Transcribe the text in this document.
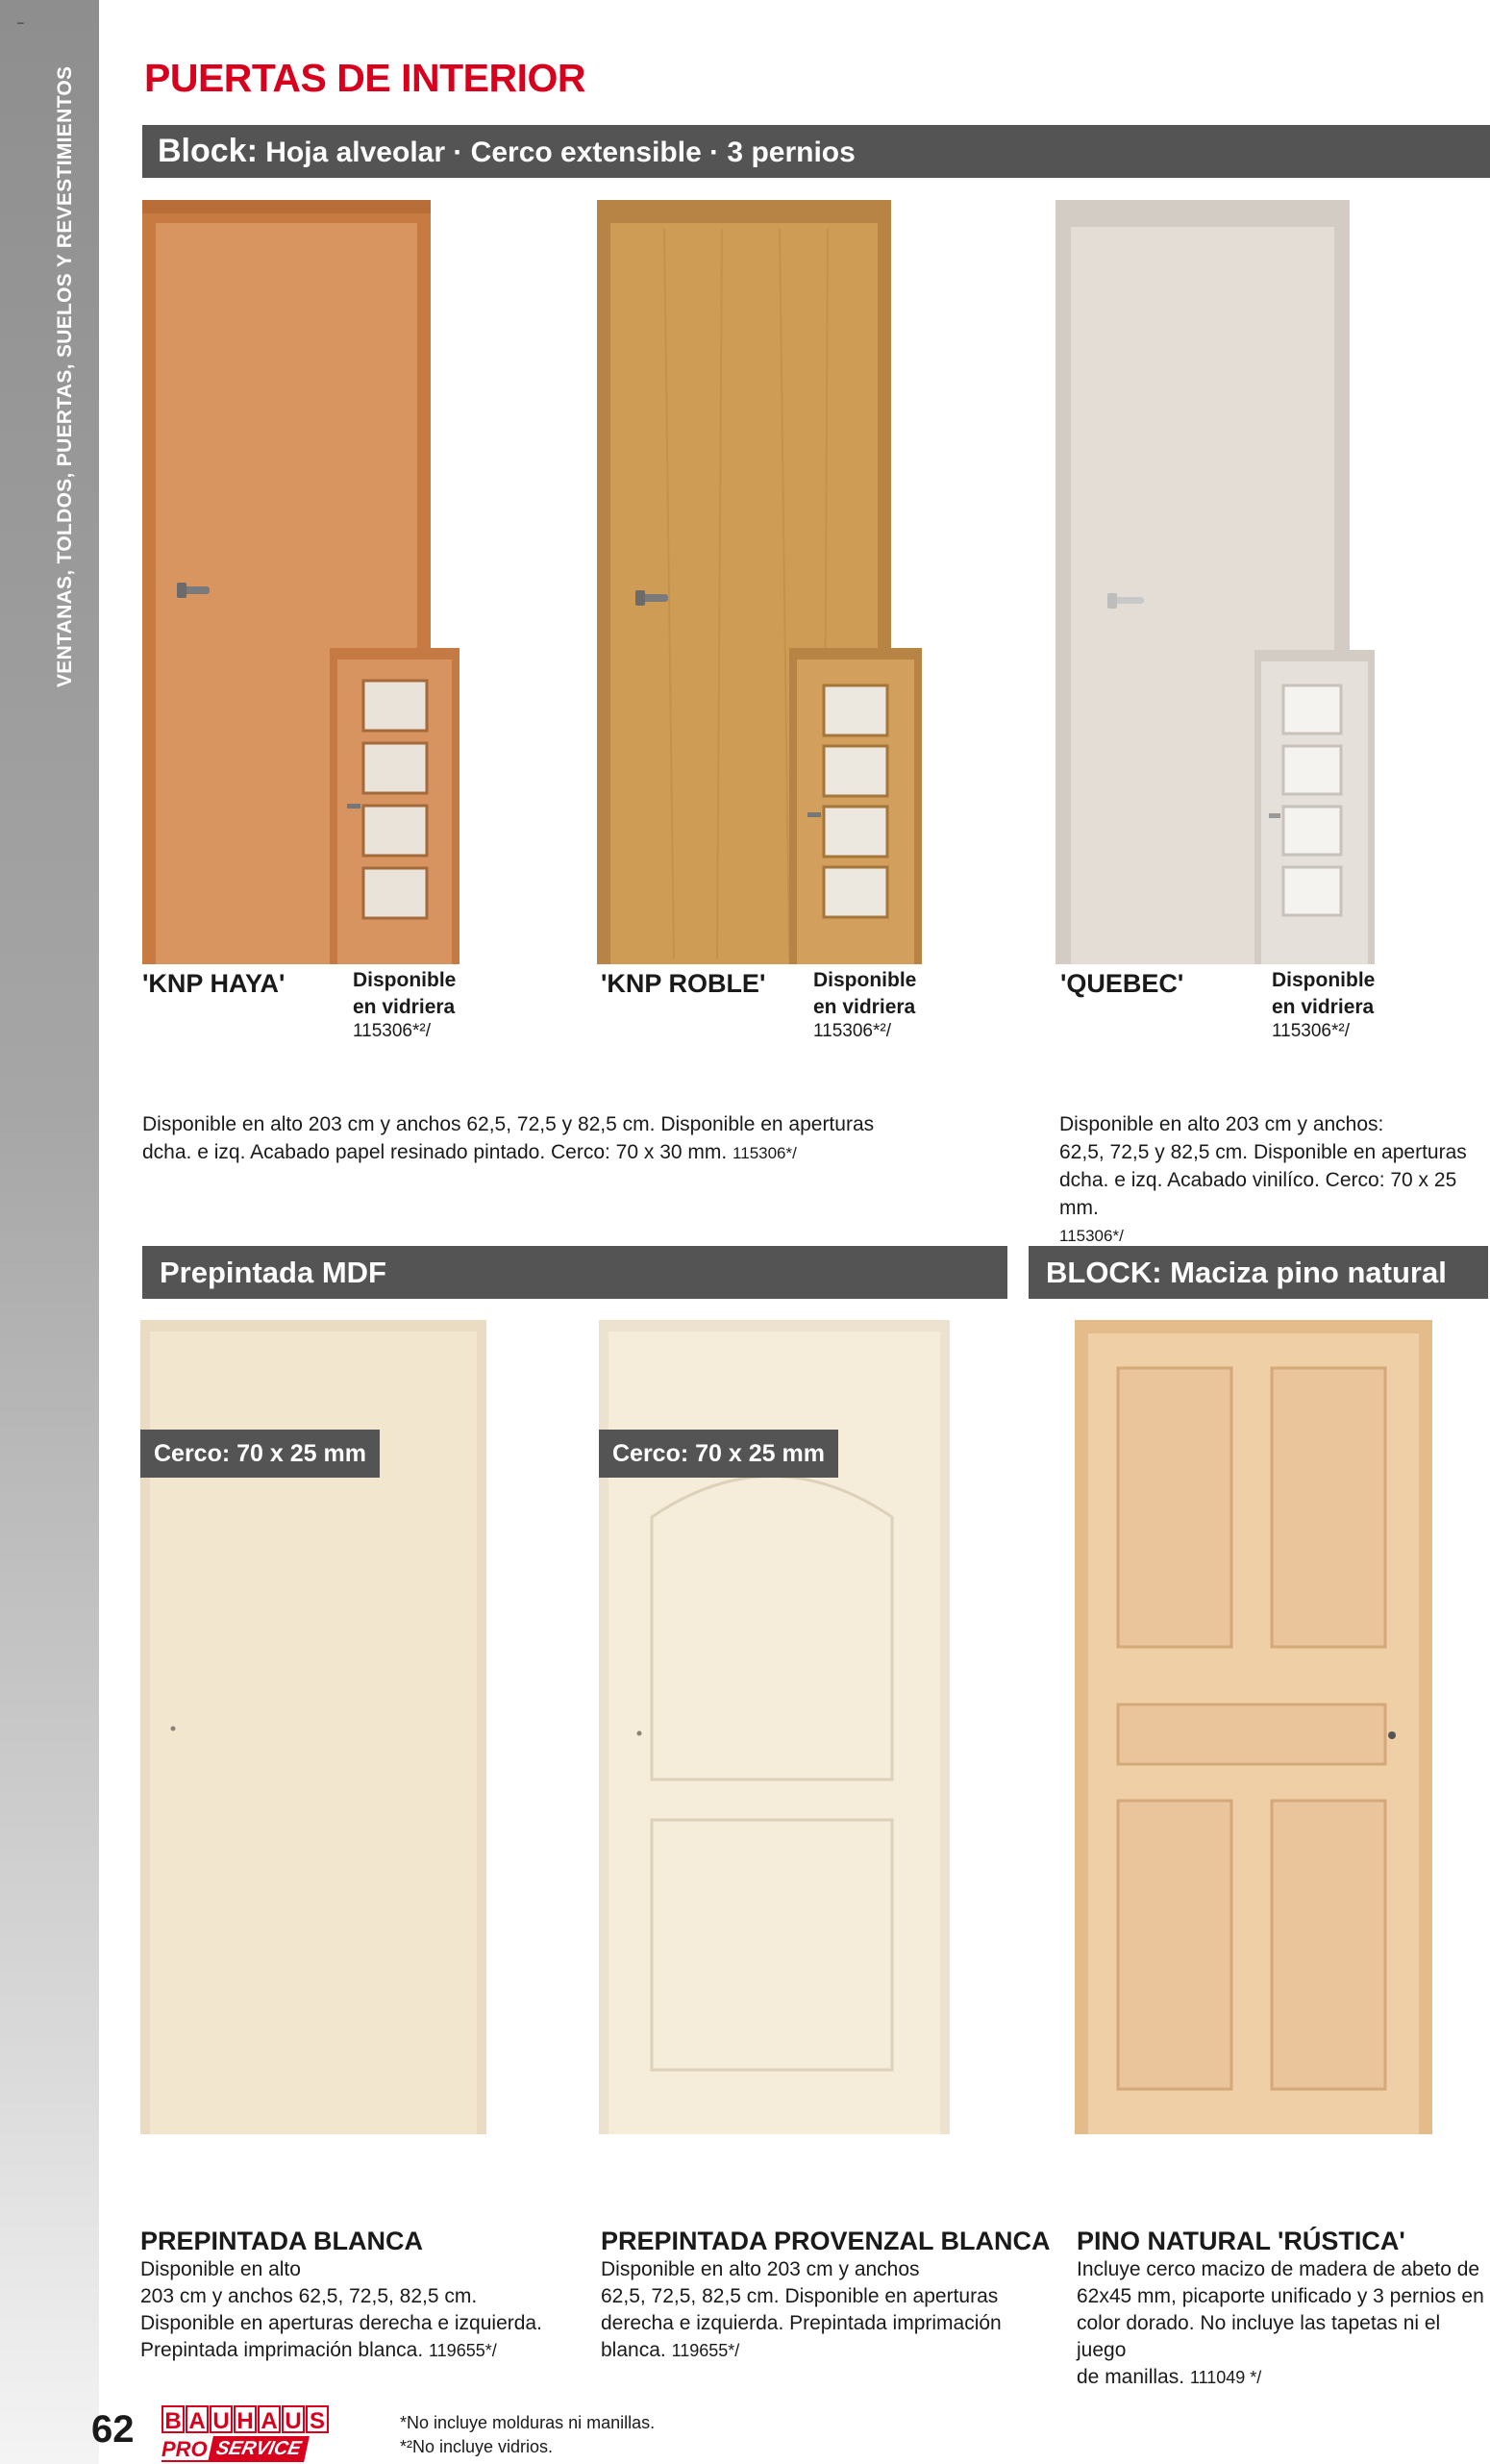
–
VENTANAS, TOLDOS, PUERTAS, SUELOS Y REVESTIMIENTOS PUERTAS DE INTERIOR
Block: Hoja alveolar · Cerco extensible · 3 pernios
'KNP HAYA'	Disponible
en vidriera
115306*²/
'KNP ROBLE' Disponible
en vidriera
115306*²/
'QUEBEC'	Disponible
en vidriera
115306*²/
Disponible en alto 203 cm y anchos 62,5, 72,5 y 82,5 cm. Disponible en aperturas
dcha. e izq. Acabado papel resinado pintado. Cerco: 70 x 30 mm. 115306*/
Disponible en alto 203 cm y anchos:
62,5, 72,5 y 82,5 cm. Disponible en aperturas
dcha. e izq. Acabado vinilíco. Cerco: 70 x 25 mm.
115306*/
Prepintada MDF	BLOCK: Maciza pino natural
Cerco: 70 x 25 mm	Cerco: 70 x 25 mm
PREPINTADA BLANCA
Disponible en alto
203 cm y anchos 62,5, 72,5, 82,5 cm.
Disponible en aperturas derecha e izquierda.
Prepintada imprimación blanca. 119655*/
PREPINTADA PROVENZAL BLANCA
Disponible en alto 203 cm y anchos
62,5, 72,5, 82,5 cm. Disponible en aperturas
derecha e izquierda. Prepintada imprimación
blanca. 119655*/
PINO NATURAL 'RÚSTICA'
Incluye cerco macizo de madera de abeto de
62x45 mm, picaporte unificado y 3 pernios en
color dorado. No incluye las tapetas ni el juego
de manillas. 111049 */
62 B A U H A U S
PRO SERVICE
*No incluye molduras ni manillas.
*²No incluye vidrios.
